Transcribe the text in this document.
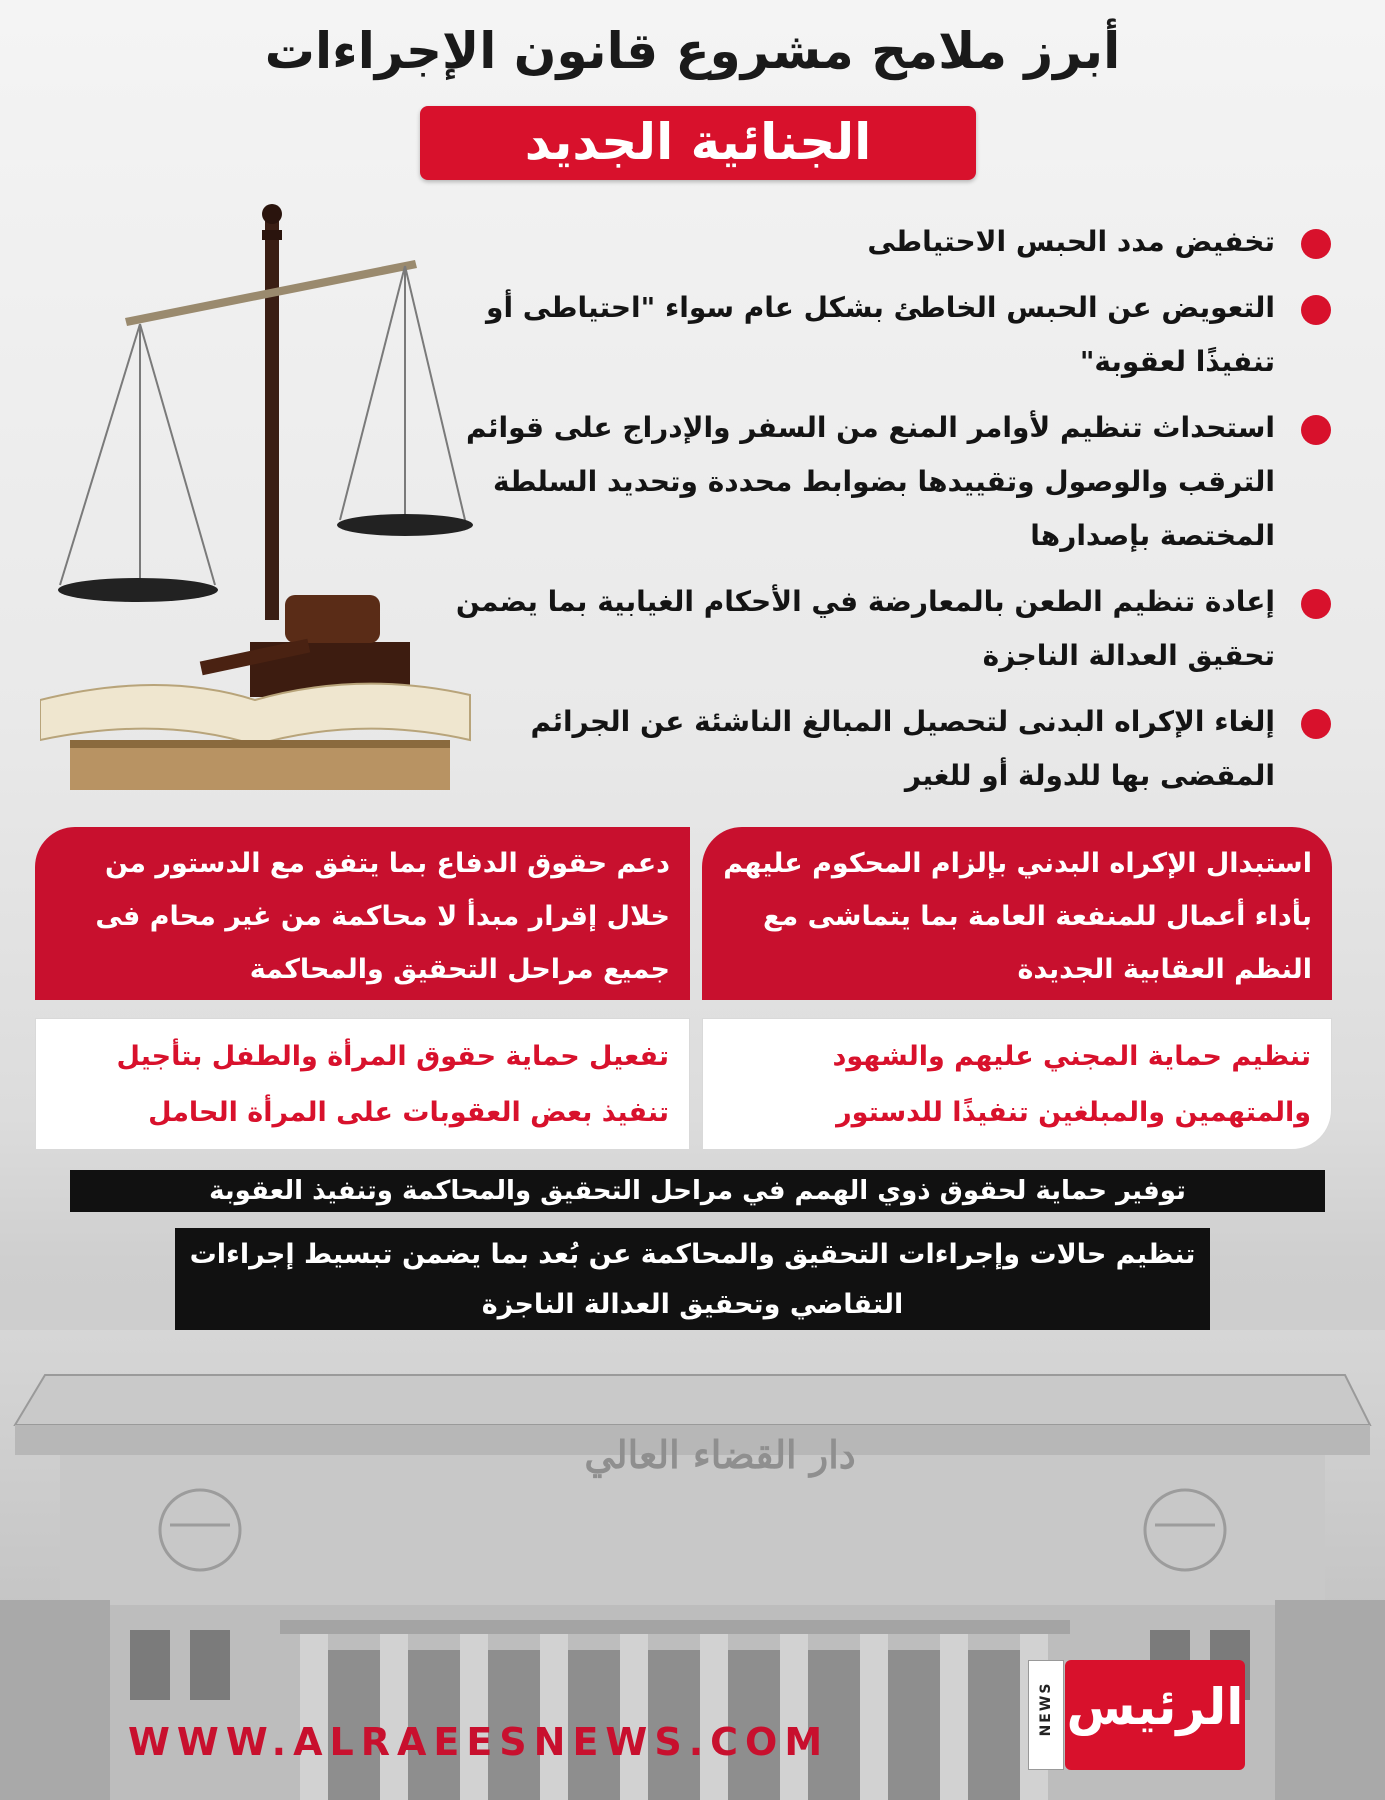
أبرز ملامح مشروع قانون الإجراءات
الجنائية الجديد
تخفيض مدد الحبس الاحتياطى
التعويض عن الحبس الخاطئ بشكل عام سواء "احتياطى أو تنفيذًا لعقوبة"
استحداث تنظيم لأوامر المنع من السفر والإدراج على قوائم الترقب والوصول وتقييدها بضوابط محددة وتحديد السلطة المختصة بإصدارها
إعادة تنظيم الطعن بالمعارضة في الأحكام الغيابية بما يضمن تحقيق العدالة الناجزة
إلغاء الإكراه البدنى لتحصيل المبالغ الناشئة عن الجرائم المقضى بها للدولة أو للغير
استبدال الإكراه البدني بإلزام المحكوم عليهم بأداء أعمال للمنفعة العامة بما يتماشى مع النظم العقابية الجديدة
دعم حقوق الدفاع بما يتفق مع الدستور من خلال إقرار مبدأ لا محاكمة من غير محام فى جميع مراحل التحقيق والمحاكمة
تنظيم حماية المجني عليهم والشهود والمتهمين والمبلغين تنفيذًا للدستور
تفعيل حماية حقوق المرأة والطفل بتأجيل تنفيذ بعض العقوبات على المرأة الحامل
توفير حماية لحقوق ذوي الهمم في مراحل التحقيق والمحاكمة وتنفيذ العقوبة
تنظيم حالات وإجراءات التحقيق والمحاكمة عن بُعد بما يضمن تبسيط إجراءات التقاضي وتحقيق العدالة الناجزة
دار القضاء العالي
WWW.ALRAEESNEWS.COM
NEWS الرئيس
